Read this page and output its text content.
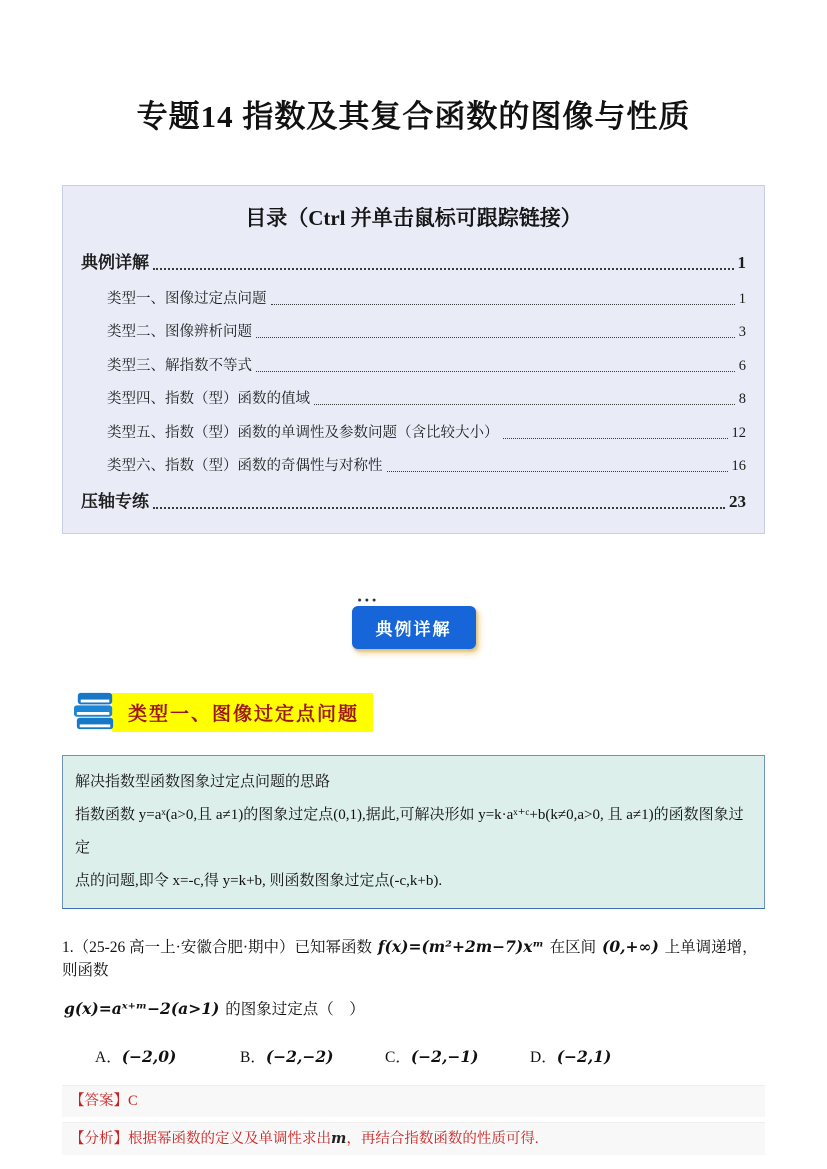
专题14 指数及其复合函数的图像与性质
目录（Ctrl 并单击鼠标可跟踪链接）
典例详解	1
类型一、图像过定点问题	1
类型二、图像辨析问题	3
类型三、解指数不等式	6
类型四、指数（型）函数的值域	8
类型五、指数（型）函数的单调性及参数问题（含比较大小）	12
类型六、指数（型）函数的奇偶性与对称性	16
压轴专练	23
●●●
典例详解
类型一、图像过定点问题
解决指数型函数图象过定点问题的思路
指数函数 y=aˣ(a>0,且 a≠1)的图象过定点(0,1),据此,可解决形如 y=k·aˣ⁺ᶜ+b(k≠0,a>0, 且 a≠1)的函数图象过定
点的问题,即令 x=-c,得 y=k+b, 则函数图象过定点(-c,k+b).
1.（25-26 高一上·安徽合肥·期中）已知幂函数 f(x)=(m²+2m−7)xᵐ 在区间 (0,+∞) 上单调递增，则函数
g(x)=aˣ⁺ᵐ−2(a>1) 的图象过定点（　）
A．(−2,0)	B．(−2,−2)	C．(−2,−1)	D．(−2,1)
【答案】C
【分析】根据幂函数的定义及单调性求出m，再结合指数函数的性质可得.
